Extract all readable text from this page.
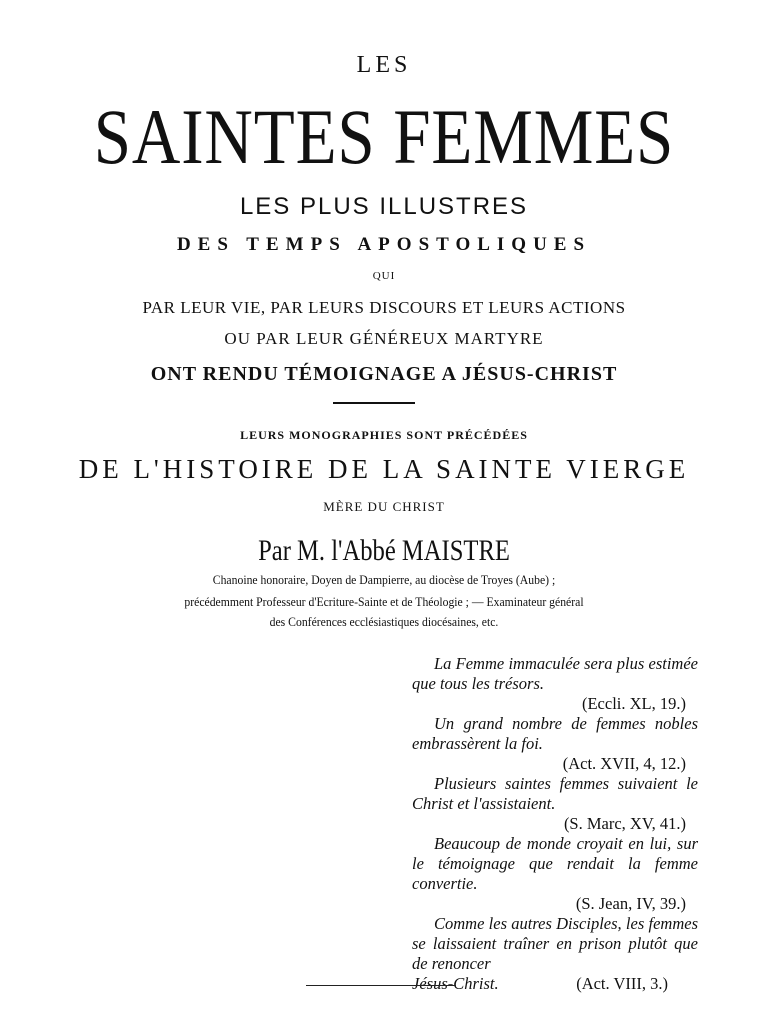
LES
SAINTES FEMMES
LES PLUS ILLUSTRES
DES TEMPS APOSTOLIQUES
QUI
PAR LEUR VIE, PAR LEURS DISCOURS ET LEURS ACTIONS
OU PAR LEUR GÉNÉREUX MARTYRE
ONT RENDU TÉMOIGNAGE A JÉSUS-CHRIST
LEURS MONOGRAPHIES SONT PRÉCÉDÉES
DE L'HISTOIRE DE LA SAINTE VIERGE
MÈRE DU CHRIST
Par M. l'Abbé MAISTRE
Chanoine honoraire, Doyen de Dampierre, au diocèse de Troyes (Aube) ;
précédemment Professeur d'Ecriture-Sainte et de Théologie ; — Examinateur général
des Conférences ecclésiastiques diocésaines, etc.

La Femme immaculée sera plus estimée que tous les trésors.

(Eccli. XL, 19.)

Un grand nombre de femmes nobles embrassèrent la foi.

(Act. XVII, 4, 12.)

Plusieurs saintes femmes suivaient le Christ et l'assistaient.

(S. Marc, XV, 41.)

Beaucoup de monde croyait en lui, sur le témoignage que rendait la femme convertie.

(S. Jean, IV, 39.)

Comme les autres Disciples, les femmes se laissaient traîner en prison plutôt que de renoncer

Jésus-Christ.	(Act. VIII, 3.)
